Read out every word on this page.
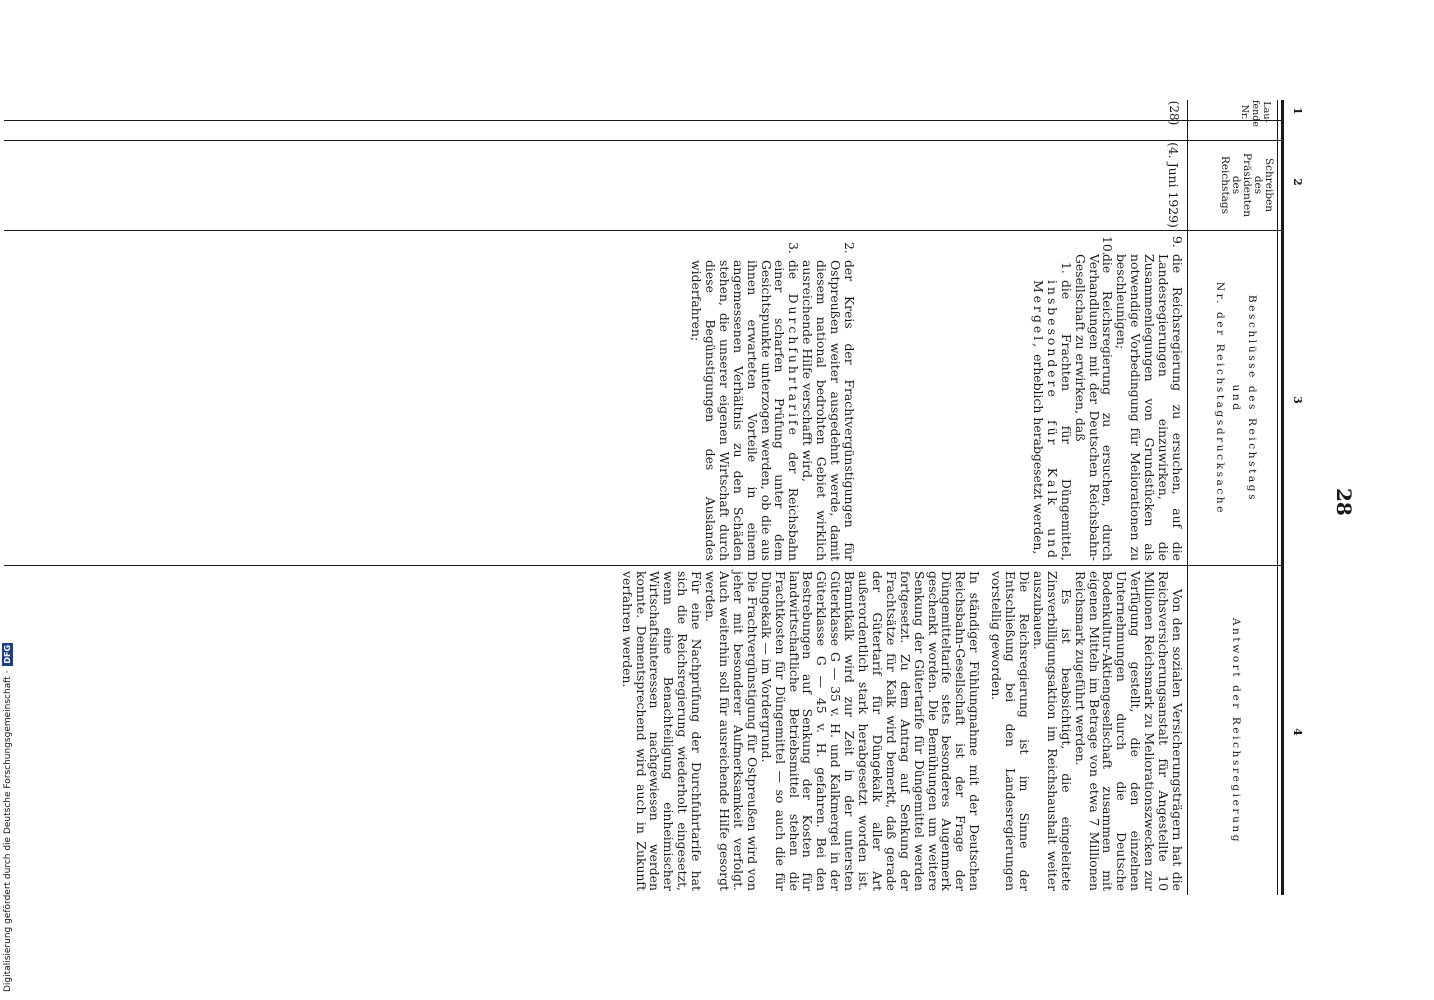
28
1
2
3
4
Lau-
fende
Nr.
Schreiben
des
Präsidenten
des
Reichstags
Beschlüsse des Reichstags
und
Nr. der Reichstagsdrucksache
Antwort der Reichsregierung
(28)
(4. Juni 1929)
9.
die Reichsregierung zu ersuchen, auf die Landesregierungen einzuwirken, die Zusammenlegungen von Grundstücken als notwendige Vorbedingung für Meliorationen zu beschleunigen;
10.
die Reichsregierung zu ersuchen, durch Verhandlungen mit der Deutschen Reichsbahn-Gesellschaft zu erwirken, daß
1.
die Frachten für Düngemittel, insbesondere für Kalk und Mergel, erheblich herabgesetzt werden,
2.
der Kreis der Frachtvergünstigungen für Ostpreußen weiter ausgedehnt werde, damit diesem national bedrohten Gebiet wirklich ausreichende Hilfe verschafft wird,
3.
die Durchfuhrtarife der Reichsbahn einer scharfen Prüfung unter dem Gesichtspunkte unterzogen werden, ob die aus ihnen erwarteten Vorteile in einem angemessenen Verhältnis zu den Schäden stehen, die unserer eigenen Wirtschaft durch diese Begünstigungen des Auslandes widerfahren;

Von den sozialen Versicherungsträgern hat die Reichsversicherungsanstalt für Angestellte 10 Millionen Reichsmark zu Meliorationszwecken zur Verfügung gestellt, die den einzelnen Unternehmungen durch die Deutsche Bodenkultur-Aktiengesellschaft zusammen mit eigenen Mitteln im Betrage von etwa 7 Millionen Reichsmark zugeführt werden.

Es ist beabsichtigt, die eingeleitete Zinsverbilligungsaktion im Reichshaushalt weiter auszubauen.

Die Reichsregierung ist im Sinne der Entschließung bei den Landesregierungen vorstellig geworden.

In ständiger Fühlungnahme mit der Deutschen Reichsbahn-Gesellschaft ist der Frage der Düngemitteltarife stets besonderes Augenmerk geschenkt worden. Die Bemühungen um weitere Senkung der Gütertarife für Düngemittel werden fortgesetzt. Zu dem Antrag auf Senkung der Frachtsätze für Kalk wird bemerkt, daß gerade der Gütertarif für Düngekalk aller Art außerordentlich stark herabgesetzt worden ist. Branntkalk wird zur Zeit in der untersten Güterklasse G — 35 v. H. und Kalkmergel in der Güterklasse G — 45 v. H. gefahren. Bei den Bestrebungen auf Senkung der Kosten für landwirtschaftliche Betriebsmittel stehen die Frachtkosten für Düngemittel — so auch die für Düngekalk — im Vordergrund.

Die Frachtvergünstigung für Ostpreußen wird von jeher mit besonderer Aufmerksamkeit verfolgt. Auch weiterhin soll für ausreichende Hilfe gesorgt werden.

Für eine Nachprüfung der Durchfuhrtarife hat sich die Reichsregierung wiederholt eingesetzt, wenn eine Benachteiligung einheimischer Wirtschaftsinteressen nachgewiesen werden konnte. Dementsprechend wird auch in Zukunft verfahren werden.

Digitalisierung gefördert durch die Deutsche Forschungsgemeinschaft · DFG
